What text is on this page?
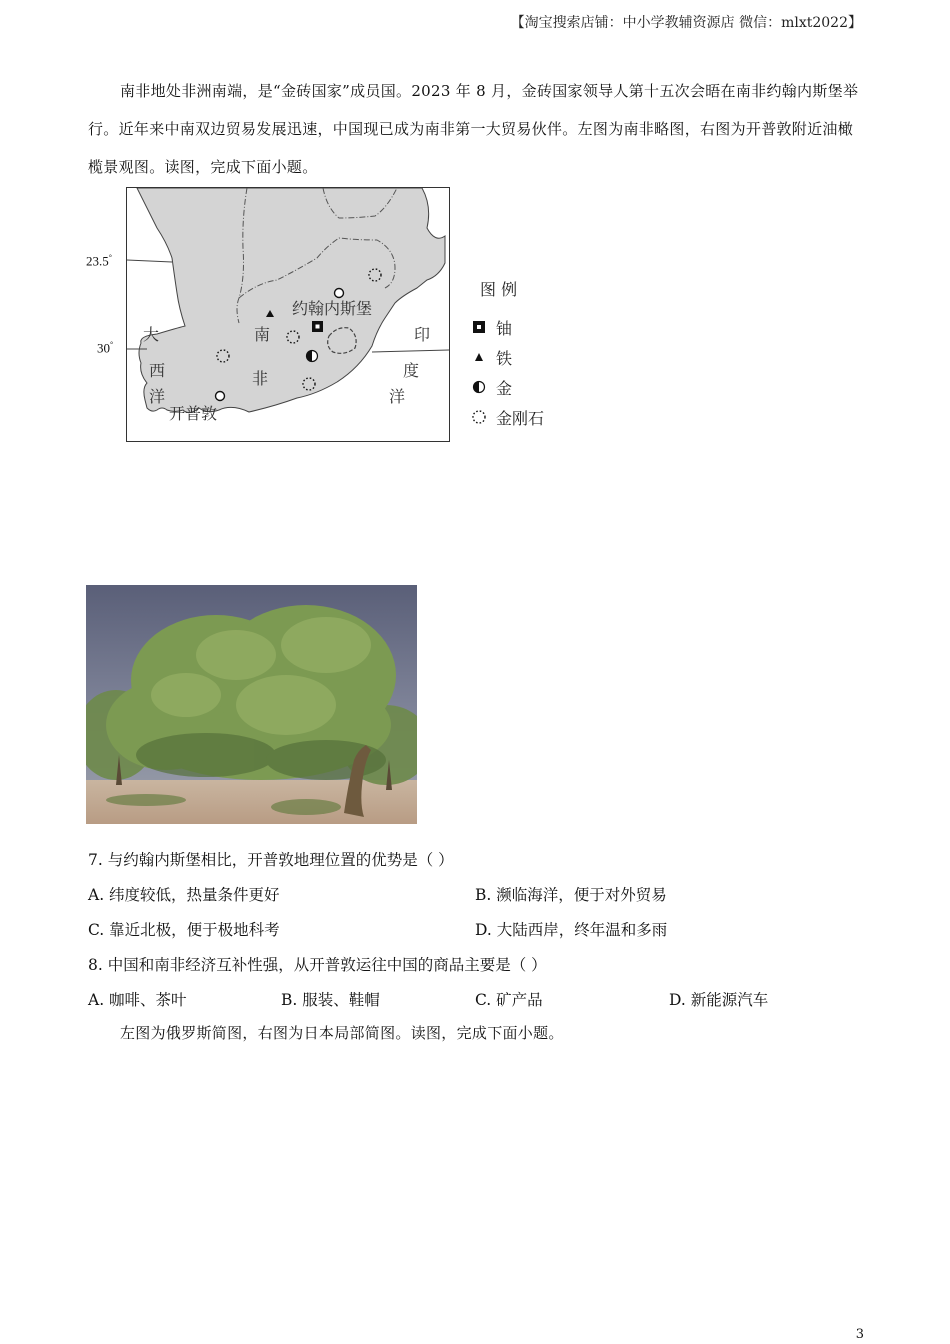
【淘宝搜索店铺：中小学教辅资源店 微信：mlxt2022】
南非地处非洲南端，是“金砖国家”成员国。2023 年 8 月，金砖国家领导人第十五次会晤在南非约翰内斯堡举行。近年来中南双边贸易发展迅速，中国现已成为南非第一大贸易伙伴。左图为南非略图，右图为开普敦附近油橄榄景观图。读图，完成下面小题。
23.5°
30°
约翰内斯堡
开普敦
南
非
大
西
洋
印
度
洋
图 例
铀
铁
金
金刚石
7. 与约翰内斯堡相比，开普敦地理位置的优势是（ ）
A. 纬度较低，热量条件更好	B. 濒临海洋，便于对外贸易
C. 靠近北极，便于极地科考	D. 大陆西岸，终年温和多雨
8. 中国和南非经济互补性强，从开普敦运往中国的商品主要是（ ）
A. 咖啡、茶叶	B. 服装、鞋帽	C. 矿产品	D. 新能源汽车
左图为俄罗斯简图，右图为日本局部简图。读图，完成下面小题。
3
